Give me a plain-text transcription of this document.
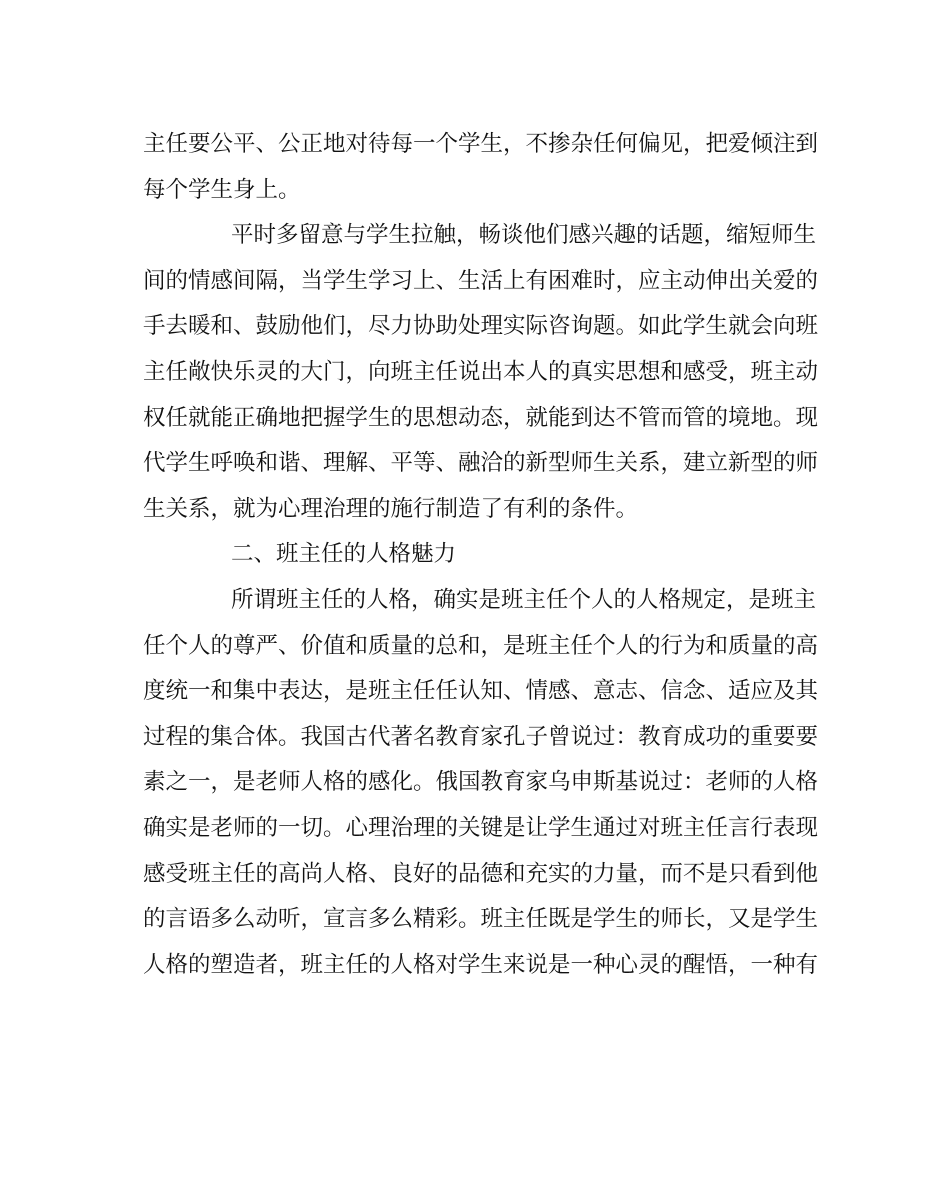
主任要公平、公正地对待每一个学生，不掺杂任何偏见，把爱倾注到
每个学生身上。
平时多留意与学生拉触，畅谈他们感兴趣的话题，缩短师生
间的情感间隔，当学生学习上、生活上有困难时，应主动伸出关爱的
手去暖和、鼓励他们，尽力协助处理实际咨询题。如此学生就会向班
主任敞快乐灵的大门，向班主任说出本人的真实思想和感受，班主动
权任就能正确地把握学生的思想动态，就能到达不管而管的境地。现
代学生呼唤和谐、理解、平等、融洽的新型师生关系，建立新型的师
生关系，就为心理治理的施行制造了有利的条件。
二、班主任的人格魅力
所谓班主任的人格，确实是班主任个人的人格规定，是班主
任个人的尊严、价值和质量的总和，是班主任个人的行为和质量的高
度统一和集中表达，是班主任任认知、情感、意志、信念、适应及其
过程的集合体。我国古代著名教育家孔子曾说过：教育成功的重要要
素之一，是老师人格的感化。俄国教育家乌申斯基说过：老师的人格
确实是老师的一切。心理治理的关键是让学生通过对班主任言行表现
感受班主任的高尚人格、良好的品德和充实的力量，而不是只看到他
的言语多么动听，宣言多么精彩。班主任既是学生的师长，又是学生
人格的塑造者，班主任的人格对学生来说是一种心灵的醒悟，一种有
